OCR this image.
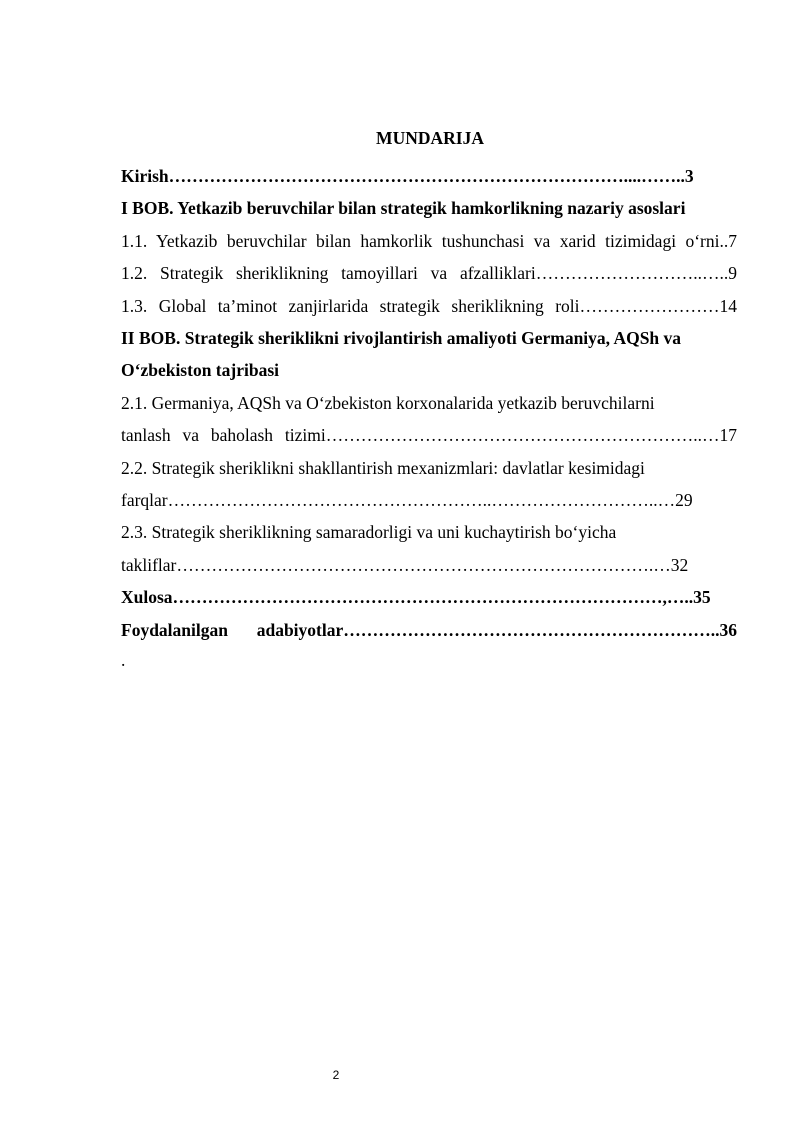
MUNDARIJA
Kirish……………………………………………………………………....……..3
I BOB. Yetkazib beruvchilar bilan strategik hamkorlikning nazariy asoslari
1.1. Yetkazib beruvchilar bilan hamkorlik tushunchasi va xarid tizimidagi oʻrni..7
1.2. Strategik sheriklikning tamoyillari va afzalliklari………………………..…..9
1.3. Global ta’minot zanjirlarida strategik sheriklikning roli……………………14
II BOB. Strategik sheriklikni rivojlantirish amaliyoti Germaniya, AQSh va
Oʻzbekiston tajribasi
2.1. Germaniya, AQSh va Oʻzbekiston korxonalarida yetkazib beruvchilarni
tanlash va baholash tizimi………………………………………………………..…17
2.2. Strategik sheriklikni shakllantirish mexanizmlari: davlatlar kesimidagi
farqlar………………………………………………..………………………..…29
2.3. Strategik sheriklikning samaradorligi va uni kuchaytirish boʻyicha
takliflar……………………………………………………………………….…32
Xulosa…………………………………………………………………………,…..35
Foydalanilgan adabiyotlar………………………………………………………..36
.
2
